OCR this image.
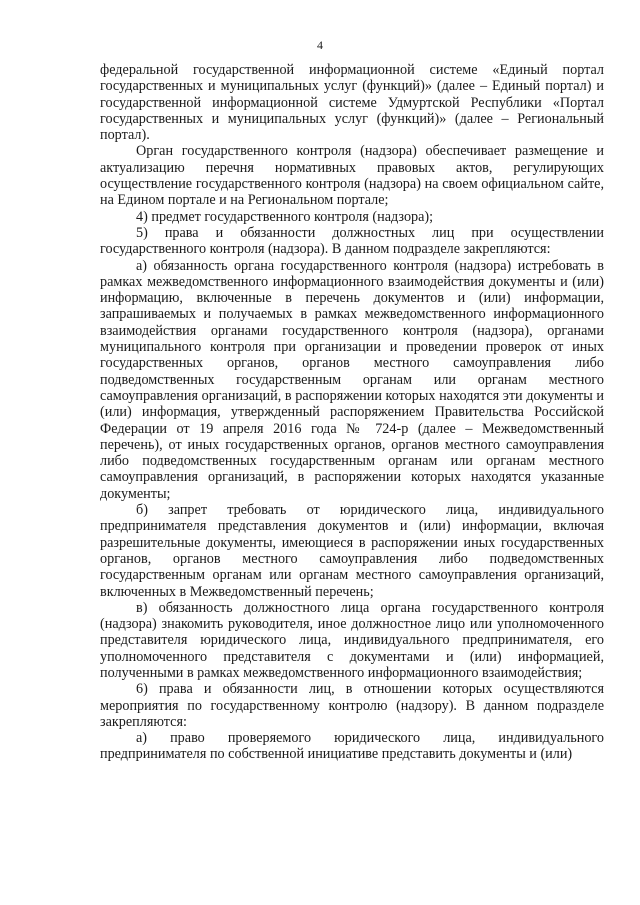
4

федеральной государственной информационной системе «Единый портал государственных и муниципальных услуг (функций)» (далее – Единый портал) и государственной информационной системе Удмуртской Республики «Портал государственных и муниципальных услуг (функций)» (далее – Региональный портал).

Орган государственного контроля (надзора) обеспечивает размещение и актуализацию перечня нормативных правовых актов, регулирующих осуществление государственного контроля (надзора) на своем официальном сайте, на Едином портале и на Региональном портале;

4) предмет государственного контроля (надзора);

5) права и обязанности должностных лиц при осуществлении государственного контроля (надзора). В данном подразделе закрепляются:

а) обязанность органа государственного контроля (надзора) истребовать в рамках межведомственного информационного взаимодействия документы и (или) информацию, включенные в перечень документов и (или) информации, запрашиваемых и получаемых в рамках межведомственного информационного взаимодействия органами государственного контроля (надзора), органами муниципального контроля при организации и проведении проверок от иных государственных органов, органов местного самоуправления либо подведомственных государственным органам или органам местного самоуправления организаций, в распоряжении которых находятся эти документы и (или) информация, утвержденный распоряжением Правительства Российской Федерации от 19 апреля 2016 года № 724-р (далее – Межведомственный перечень), от иных государственных органов, органов местного самоуправления либо подведомственных государственным органам или органам местного самоуправления организаций, в распоряжении которых находятся указанные документы;

б) запрет требовать от юридического лица, индивидуального предпринимателя представления документов и (или) информации, включая разрешительные документы, имеющиеся в распоряжении иных государственных органов, органов местного самоуправления либо подведомственных государственным органам или органам местного самоуправления организаций, включенных в Межведомственный перечень;

в) обязанность должностного лица органа государственного контроля (надзора) знакомить руководителя, иное должностное лицо или уполномоченного представителя юридического лица, индивидуального предпринимателя, его уполномоченного представителя с документами и (или) информацией, полученными в рамках межведомственного информационного взаимодействия;

6) права и обязанности лиц, в отношении которых осуществляются мероприятия по государственному контролю (надзору). В данном подразделе закрепляются:

а) право проверяемого юридического лица, индивидуального предпринимателя по собственной инициативе представить документы и (или)
